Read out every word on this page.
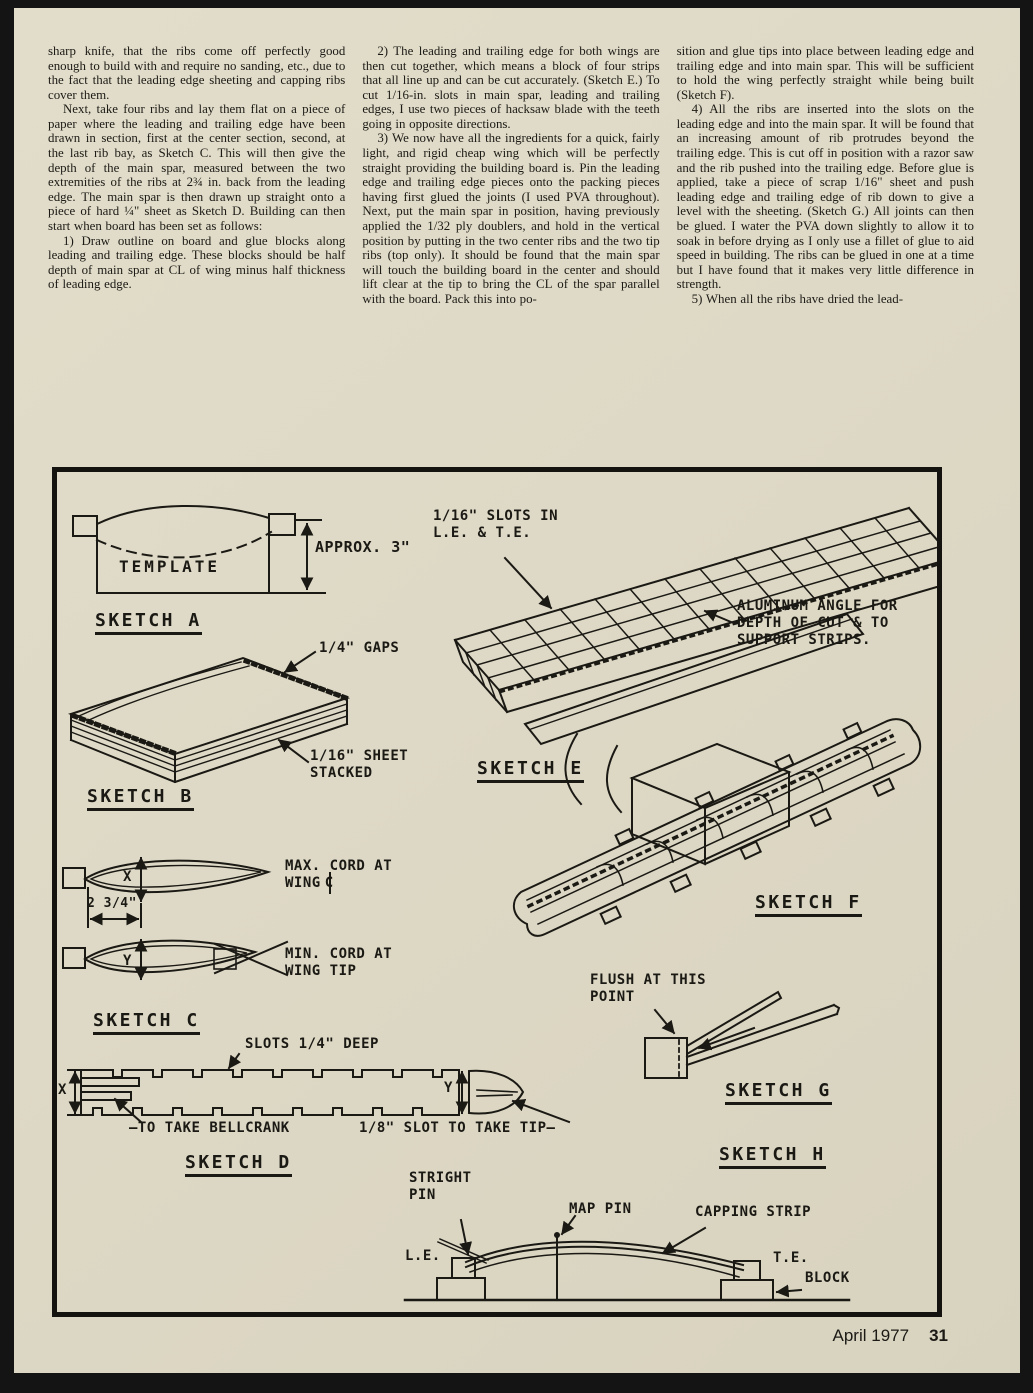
sharp knife, that the ribs come off perfectly good enough to build with and require no sanding, etc., due to the fact that the leading edge sheeting and capping ribs cover them.

Next, take four ribs and lay them flat on a piece of paper where the leading and trailing edge have been drawn in section, first at the center section, second, at the last rib bay, as Sketch C. This will then give the depth of the main spar, measured between the two extremities of the ribs at 2¾ in. back from the leading edge. The main spar is then drawn up straight onto a piece of hard ¼" sheet as Sketch D. Building can then start when board has been set as follows:

1) Draw outline on board and glue blocks along leading and trailing edge. These blocks should be half depth of main spar at CL of wing minus half thickness of leading edge.

2) The leading and trailing edge for both wings are then cut together, which means a block of four strips that all line up and can be cut accurately. (Sketch E.) To cut 1/16-in. slots in main spar, leading and trailing edges, I use two pieces of hacksaw blade with the teeth going in opposite directions.

3) We now have all the ingredients for a quick, fairly light, and rigid cheap wing which will be perfectly straight providing the building board is. Pin the leading edge and trailing edge pieces onto the packing pieces having first glued the joints (I used PVA throughout). Next, put the main spar in position, having previously applied the 1/32 ply doublers, and hold in the vertical position by putting in the two center ribs and the two tip ribs (top only). It should be found that the main spar will touch the building board in the center and should lift clear at the tip to bring the CL of the spar parallel with the board. Pack this into po-

sition and glue tips into place between leading edge and trailing edge and into main spar. This will be sufficient to hold the wing perfectly straight while being built (Sketch F).

4) All the ribs are inserted into the slots on the leading edge and into the main spar. It will be found that an increasing amount of rib protrudes beyond the trailing edge. This is cut off in position with a razor saw and the rib pushed into the trailing edge. Before glue is applied, take a piece of scrap 1/16" sheet and push leading edge and trailing edge of rib down to give a level with the sheeting. (Sketch G.) All joints can then be glued. I water the PVA down slightly to allow it to soak in before drying as I only use a fillet of glue to aid speed in building. The ribs can be glued in one at a time but I have found that it makes very little difference in strength.

5) When all the ribs have dried the lead-

TEMPLATE
APPROX. 3"
SKETCH A
1/4" GAPS
1/16" SHEET
STACKED
SKETCH B
X
Y
2 3/4"
MAX. CORD AT
WING C
MIN. CORD AT
WING TIP
SKETCH C
SLOTS 1/4" DEEP
X	Y
—TO TAKE BELLCRANK	1/8" SLOT TO TAKE TIP—
SKETCH D
1/16" SLOTS IN
L.E. & T.E.
ALUMINUM ANGLE FOR
DEPTH OF CUT & TO
SUPPORT STRIPS.
SKETCH E
SKETCH F
FLUSH AT THIS
POINT
SKETCH G
SKETCH H
STRIGHT
PIN
MAP PIN	CAPPING STRIP
L.E.	T.E.
BLOCK
April 1977 31
